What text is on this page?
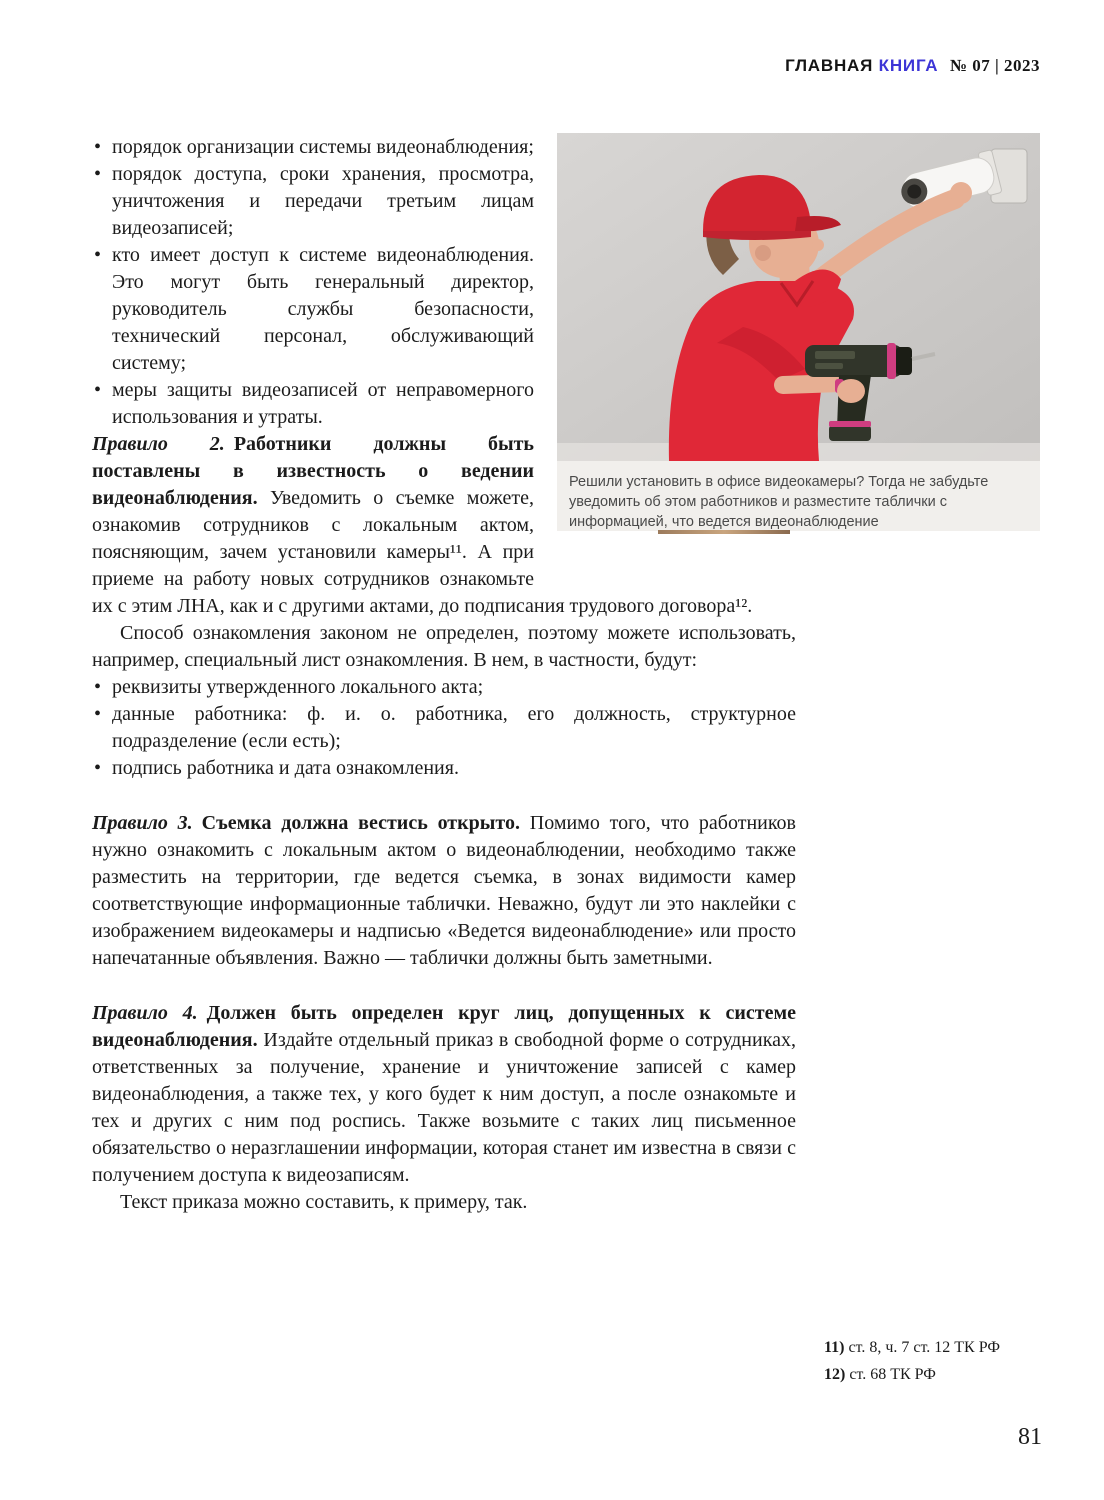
ГЛАВНАЯ КНИГА № 07 | 2023
Решили установить в офисе видеокамеры? Тогда не забудьте уведомить об этом работников и разместите таблички с информацией, что ведется видеонаблюдение
• порядок организации системы видеонаблюдения;
• порядок доступа, сроки хранения, просмотра, уничтожения и передачи третьим лицам видеозаписей;
• кто имеет доступ к системе видеонаблюдения. Это могут быть генеральный директор, руководитель службы безопасности, технический персонал, обслуживающий систему;
• меры защиты видеозаписей от неправомерного использования и утраты.

Правило 2. Работники должны быть поставлены в известность о ведении видеонаблюдения. Уведомить о съемке можете, ознакомив сотрудников с локальным актом, поясняющим, зачем установили камеры¹¹. А при приеме на работу новых сотрудников ознакомьте их с этим ЛНА, как и с другими актами, до подписания трудового договора¹².

Способ ознакомления законом не определен, поэтому можете использовать, например, специальный лист ознакомления. В нем, в частности, будут:

• реквизиты утвержденного локального акта;
• данные работника: ф. и. о. работника, его должность, структурное подразделение (если есть);
• подпись работника и дата ознакомления.

Правило 3. Съемка должна вестись открыто. Помимо того, что работников нужно ознакомить с локальным актом о видеонаблюдении, необходимо также разместить на территории, где ведется съемка, в зонах видимости камер соответствующие информационные таблички. Неважно, будут ли это наклейки с изображением видеокамеры и надписью «Ведется видеонаблюдение» или просто напечатанные объявления. Важно — таблички должны быть заметными.

Правило 4. Должен быть определен круг лиц, допущенных к системе видеонаблюдения. Издайте отдельный приказ в свободной форме о сотрудниках, ответственных за получение, хранение и уничтожение записей с камер видеонаблюдения, а также тех, у кого будет к ним доступ, а после ознакомьте и тех и других с ним под роспись. Также возьмите с таких лиц письменное обязательство о неразглашении информации, которая станет им известна в связи с получением доступа к видеозаписям.

Текст приказа можно составить, к примеру, так.

11) ст. 8, ч. 7 ст. 12 ТК РФ
12) ст. 68 ТК РФ
81
